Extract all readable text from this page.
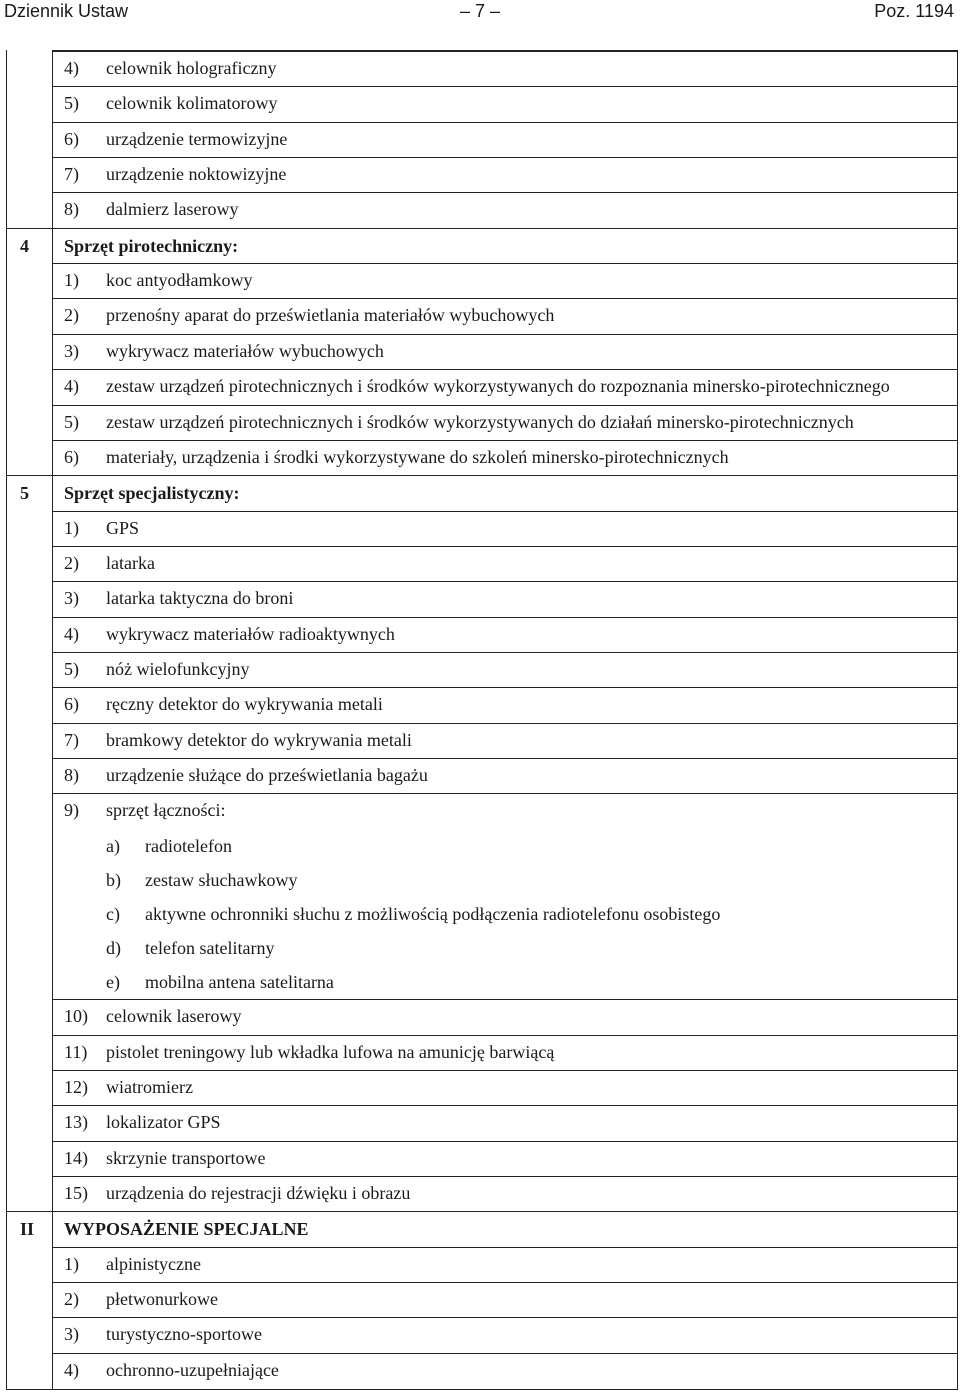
Dziennik Ustaw	– 7 –	Poz. 1194
4) celownik holograficzny
5) celownik kolimatorowy
6) urządzenie termowizyjne
7) urządzenie noktowizyjne
8) dalmierz laserowy
4 Sprzęt pirotechniczny:
1) koc antyodłamkowy
2) przenośny aparat do prześwietlania materiałów wybuchowych
3) wykrywacz materiałów wybuchowych
4) zestaw urządzeń pirotechnicznych i środków wykorzystywanych do rozpoznania minersko-pirotechnicznego
5) zestaw urządzeń pirotechnicznych i środków wykorzystywanych do działań minersko-pirotechnicznych
6) materiały, urządzenia i środki wykorzystywane do szkoleń minersko-pirotechnicznych
5 Sprzęt specjalistyczny:
1) GPS
2) latarka
3) latarka taktyczna do broni
4) wykrywacz materiałów radioaktywnych
5) nóż wielofunkcyjny
6) ręczny detektor do wykrywania metali
7) bramkowy detektor do wykrywania metali
8) urządzenie służące do prześwietlania bagażu
9) sprzęt łączności:
a) radiotelefon
b) zestaw słuchawkowy
c) aktywne ochronniki słuchu z możliwością podłączenia radiotelefonu osobistego
d) telefon satelitarny
e) mobilna antena satelitarna
10) celownik laserowy
11) pistolet treningowy lub wkładka lufowa na amunicję barwiącą
12) wiatromierz
13) lokalizator GPS
14) skrzynie transportowe
15) urządzenia do rejestracji dźwięku i obrazu
II WYPOSAŻENIE SPECJALNE
1) alpinistyczne
2) płetwonurkowe
3) turystyczno-sportowe
4) ochronno-uzupełniające
